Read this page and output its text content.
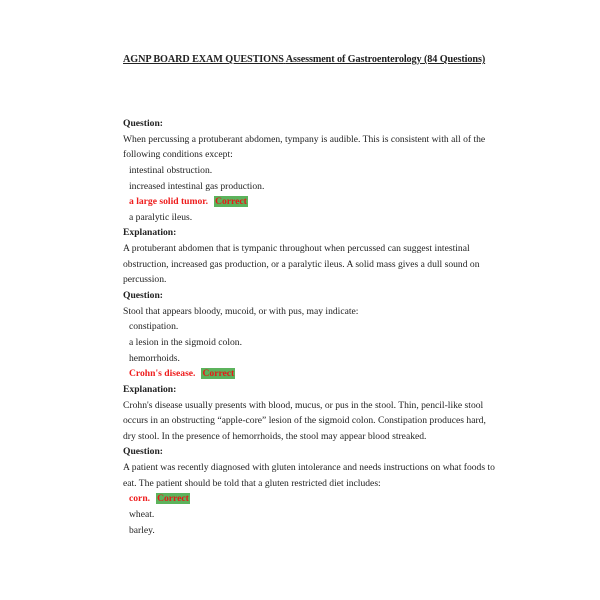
AGNP BOARD EXAM QUESTIONS Assessment of Gastroenterology (84 Questions)
Question:
When percussing a protuberant abdomen, tympany is audible. This is consistent with all of the
following conditions except:
intestinal obstruction.
increased intestinal gas production.
a large solid tumor. Correct
a paralytic ileus.
Explanation:
A protuberant abdomen that is tympanic throughout when percussed can suggest intestinal
obstruction, increased gas production, or a paralytic ileus. A solid mass gives a dull sound on
percussion.
Question:
Stool that appears bloody, mucoid, or with pus, may indicate:
constipation.
a lesion in the sigmoid colon.
hemorrhoids.
Crohn's disease. Correct
Explanation:
Crohn's disease usually presents with blood, mucus, or pus in the stool. Thin, pencil-like stool
occurs in an obstructing “apple-core” lesion of the sigmoid colon. Constipation produces hard,
dry stool. In the presence of hemorrhoids, the stool may appear blood streaked.
Question:
A patient was recently diagnosed with gluten intolerance and needs instructions on what foods to
eat. The patient should be told that a gluten restricted diet includes:
corn. Correct
wheat.
barley.
